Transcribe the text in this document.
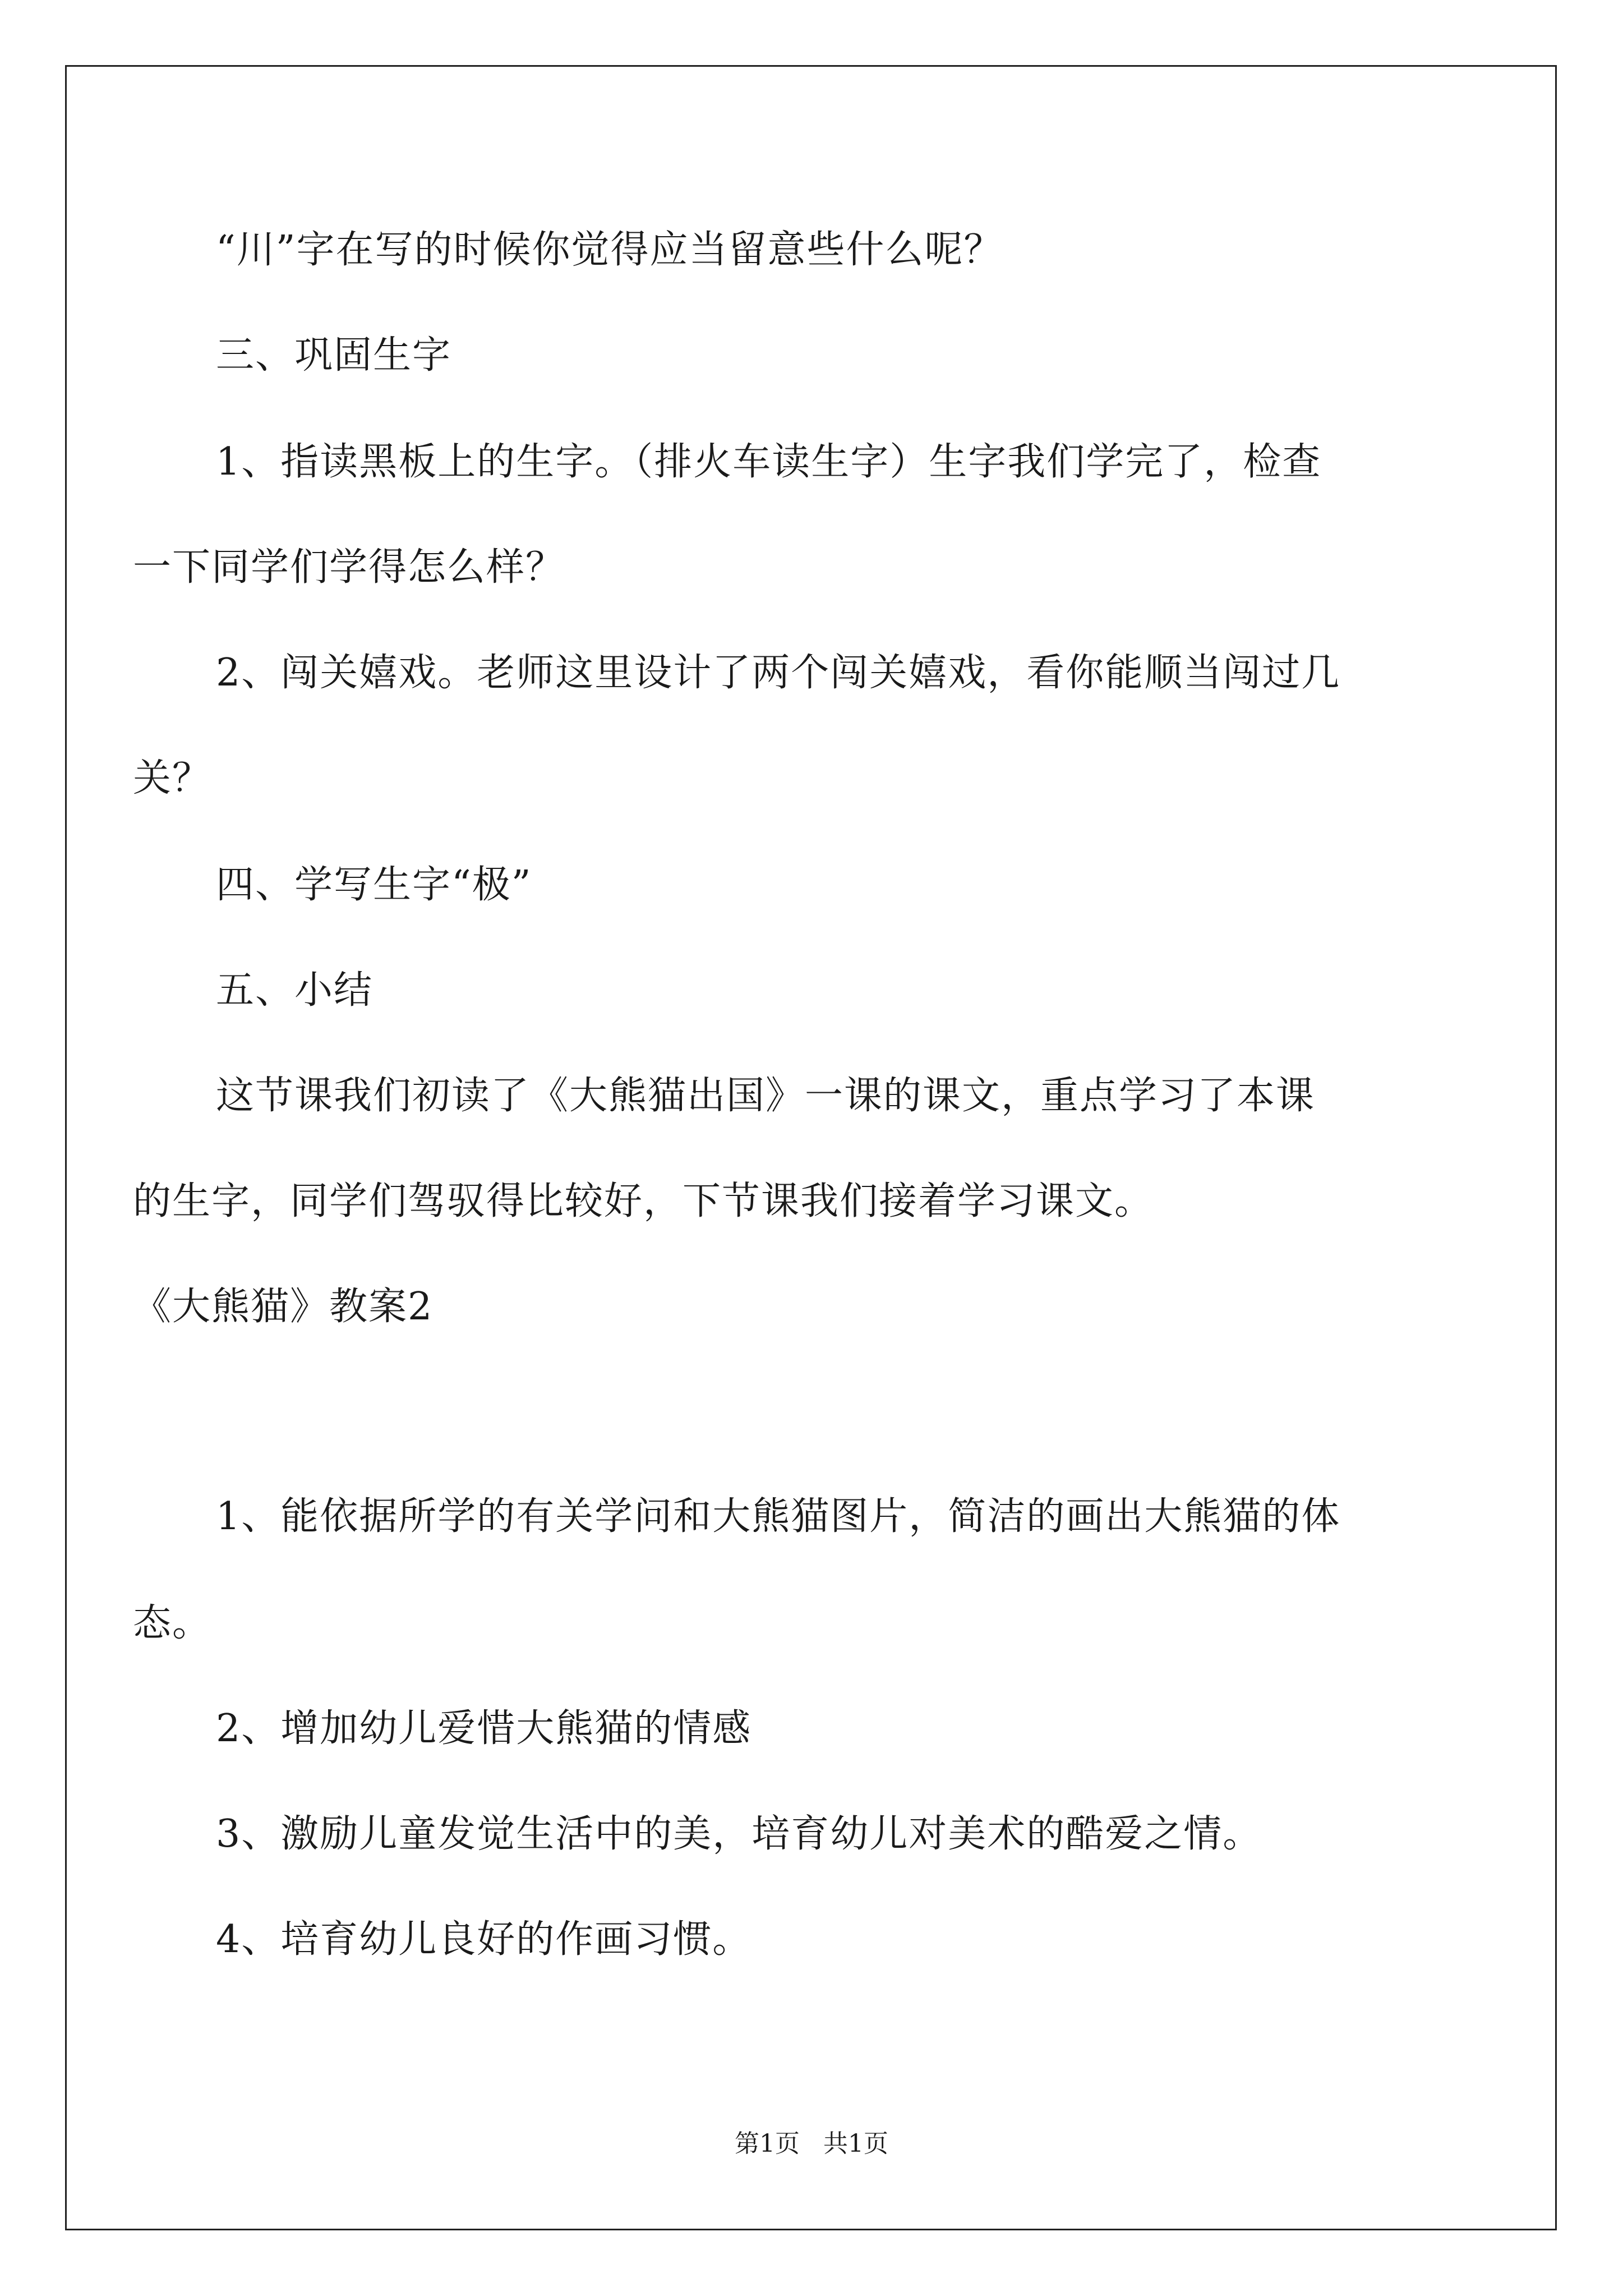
“川”字在写的时候你觉得应当留意些什么呢？
三、巩固生字
1、指读黑板上的生字。（排火车读生字）生字我们学完了，检查
一下同学们学得怎么样？
2、闯关嬉戏。老师这里设计了两个闯关嬉戏，看你能顺当闯过几
关？
四、学写生字“极”
五、小结
这节课我们初读了《大熊猫出国》一课的课文，重点学习了本课
的生字，同学们驾驭得比较好，下节课我们接着学习课文。
《大熊猫》教案2
1、能依据所学的有关学问和大熊猫图片，简洁的画出大熊猫的体
态。
2、增加幼儿爱惜大熊猫的情感
3、激励儿童发觉生活中的美，培育幼儿对美术的酷爱之情。
4、培育幼儿良好的作画习惯。
第1页   共1页
